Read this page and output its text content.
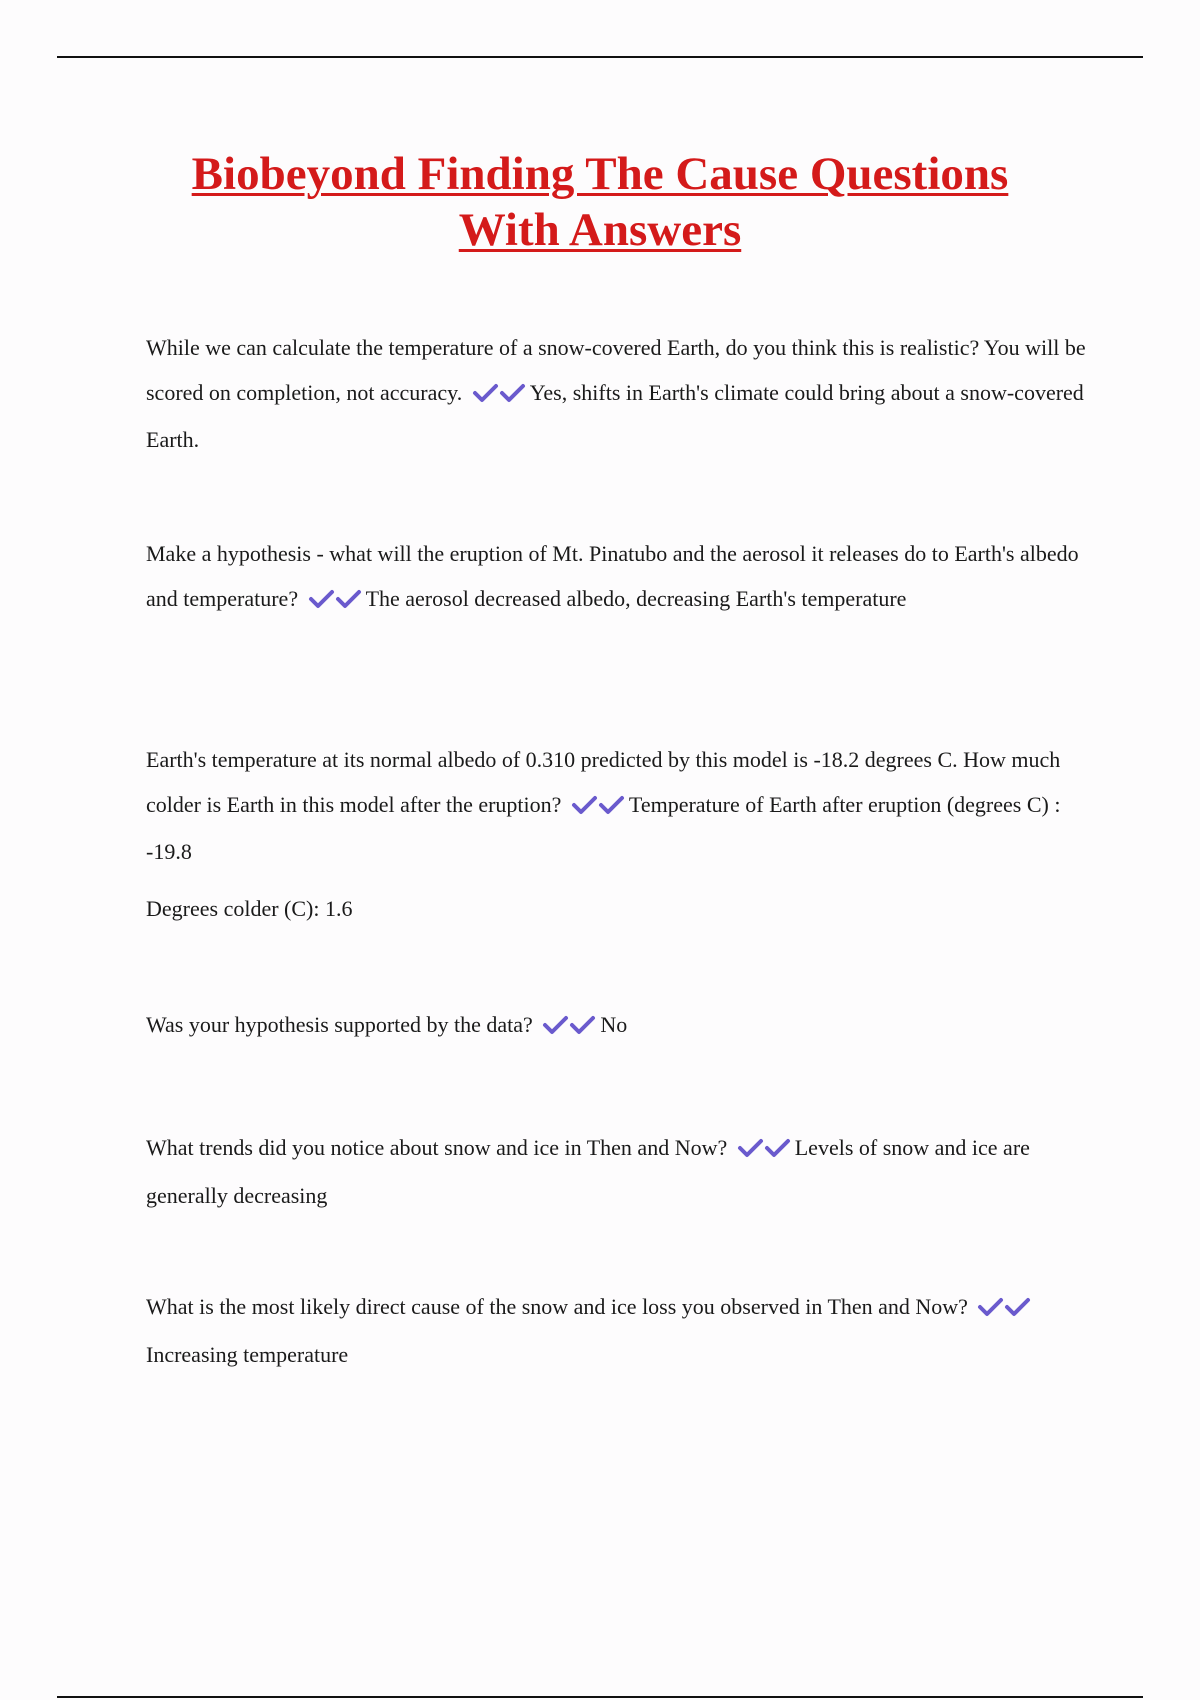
Biobeyond Finding The Cause Questions
With Answers

While we can calculate the temperature of a snow-covered Earth, do you think this is realistic? You will be scored on completion, not accuracy.	Yes, shifts in Earth's climate could bring about a snow-covered Earth.

Make a hypothesis - what will the eruption of Mt. Pinatubo and the aerosol it releases do to Earth's albedo and temperature?	The aerosol decreased albedo, decreasing Earth's temperature

Earth's temperature at its normal albedo of 0.310 predicted by this model is -18.2 degrees C. How much colder is Earth in this model after the eruption?	Temperature of Earth after eruption (degrees C) : -19.8

Degrees colder (C): 1.6

Was your hypothesis supported by the data?	No

What trends did you notice about snow and ice in Then and Now?	Levels of snow and ice are generally decreasing

What is the most likely direct cause of the snow and ice loss you observed in Then and Now? Increasing temperature
